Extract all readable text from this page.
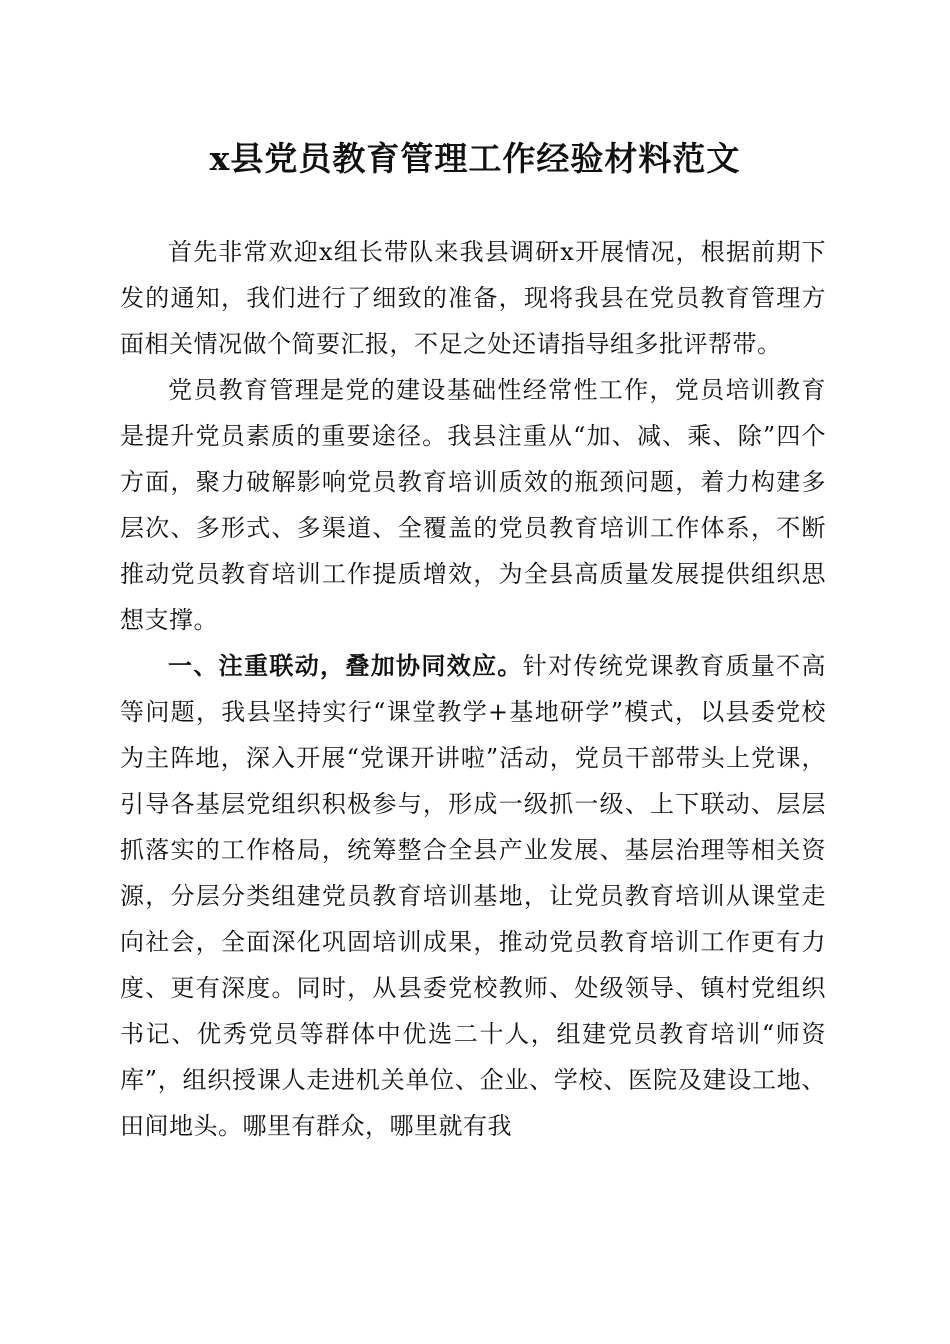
x县党员教育管理工作经验材料范文

首先非常欢迎x组长带队来我县调研x开展情况，根据前期下发的通知，我们进行了细致的准备，现将我县在党员教育管理方面相关情况做个简要汇报，不足之处还请指导组多批评帮带。

党员教育管理是党的建设基础性经常性工作，党员培训教育是提升党员素质的重要途径。我县注重从“加、减、乘、除”四个方面，聚力破解影响党员教育培训质效的瓶颈问题，着力构建多层次、多形式、多渠道、全覆盖的党员教育培训工作体系，不断推动党员教育培训工作提质增效，为全县高质量发展提供组织思想支撑。

一、注重联动，叠加协同效应。针对传统党课教育质量不高等问题，我县坚持实行“课堂教学+基地研学”模式，以县委党校为主阵地，深入开展“党课开讲啦”活动，党员干部带头上党课，引导各基层党组织积极参与，形成一级抓一级、上下联动、层层抓落实的工作格局，统筹整合全县产业发展、基层治理等相关资源，分层分类组建党员教育培训基地，让党员教育培训从课堂走向社会，全面深化巩固培训成果，推动党员教育培训工作更有力度、更有深度。同时，从县委党校教师、处级领导、镇村党组织书记、优秀党员等群体中优选二十人，组建党员教育培训“师资库”，组织授课人走进机关单位、企业、学校、医院及建设工地、田间地头。哪里有群众，哪里就有我
